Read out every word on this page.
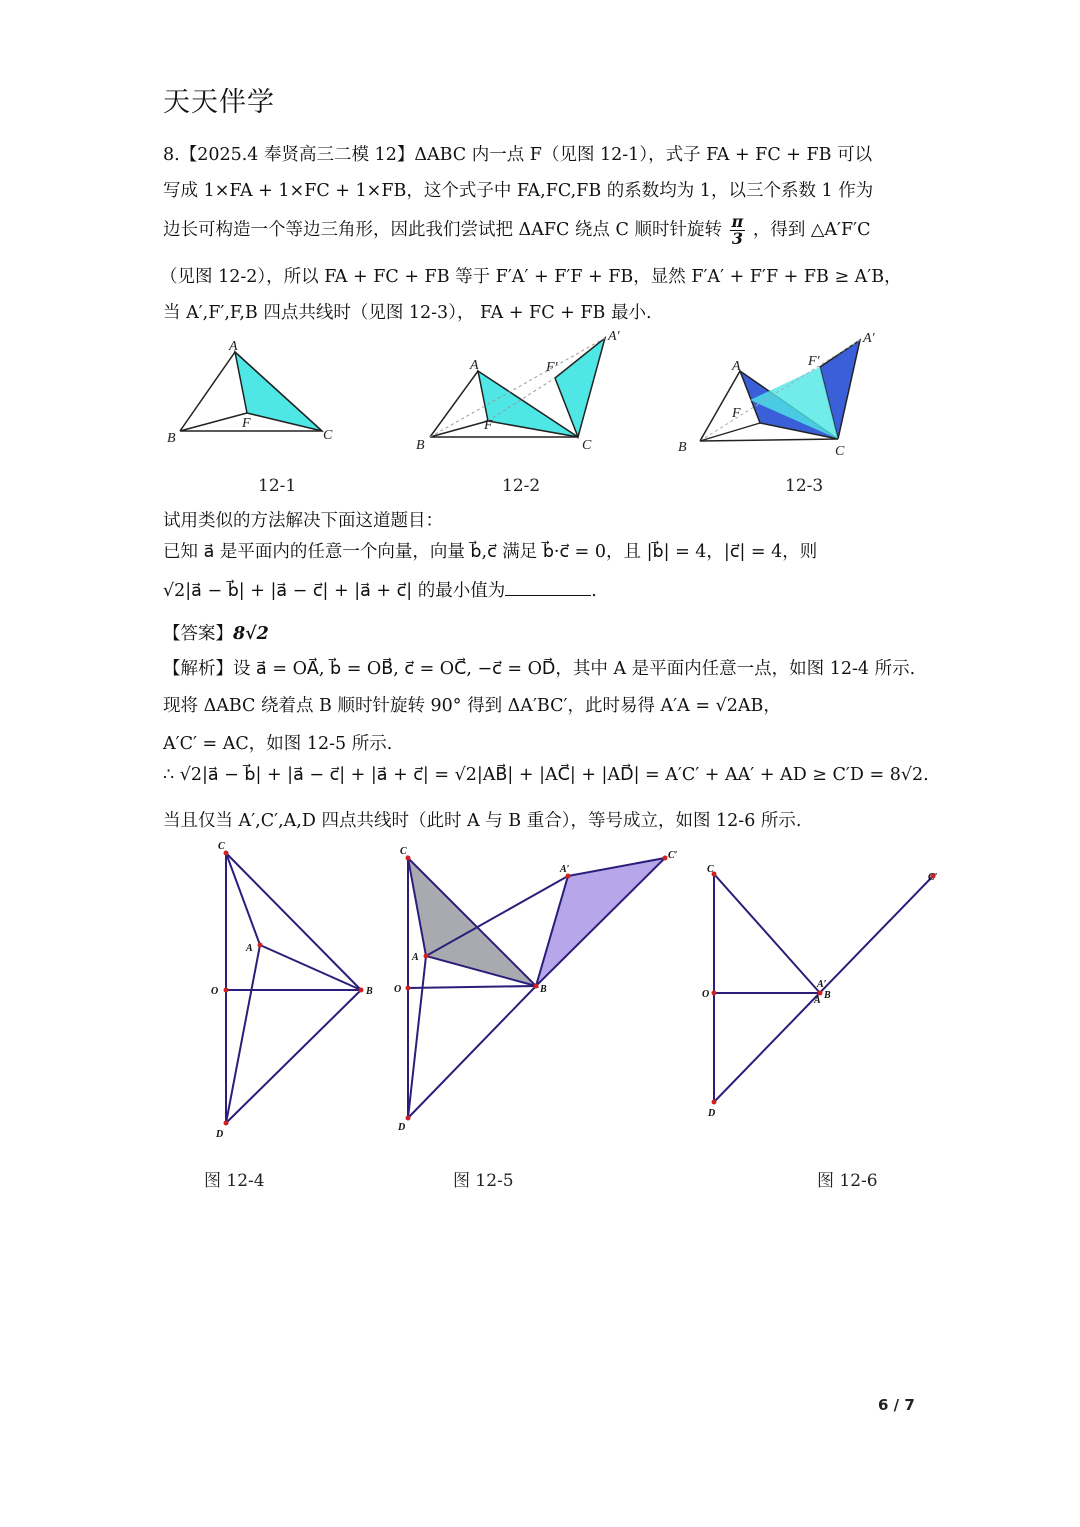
天天伴学
8.【2025.4 奉贤高三二模 12】ΔABC 内一点 F（见图 12-1），式子 FA + FC + FB 可以
写成 1×FA + 1×FC + 1×FB，这个式子中 FA,FC,FB 的系数均为 1，以三个系数 1 作为
边长可构造一个等边三角形，因此我们尝试把 ΔAFC 绕点 C 顺时针旋转 $\frac{\pi}{3}$ ，得到 △A′F′C
（见图 12-2），所以 FA + FC + FB 等于 F′A′ + F′F + FB，显然 F′A′ + F′F + FB ≥ A′B，
当 A′,F′,F,B 四点共线时（见图 12-3）， FA + FC + FB 最小.
A
F
B	C
A
F
F′
A′
B	C
A
F
F′
A′
B	C
12-1	12-2	12-3
试用类似的方法解决下面这道题目：
已知 a⃗ 是平面内的任意一个向量，向量 b⃗,c⃗ 满足 b⃗·c⃗ = 0，且 |b⃗| = 4，|c⃗| = 4，则
√2|a⃗ − b⃗| + |a⃗ − c⃗| + |a⃗ + c⃗| 的最小值为	.
【答案】8√2
【解析】设 a⃗ = OA⃗, b⃗ = OB⃗, c⃗ = OC⃗, −c⃗ = OD⃗，其中 A 是平面内任意一点，如图 12-4 所示.
现将 ΔABC 绕着点 B 顺时针旋转 90° 得到 ΔA′BC′，此时易得 A′A = √2AB，
A′C′ = AC，如图 12-5 所示.
∴ √2|a⃗ − b⃗| + |a⃗ − c⃗| + |a⃗ + c⃗| = √2|AB⃗| + |AC⃗| + |AD⃗| = A′C′ + AA′ + AD ≥ C′D = 8√2.
当且仅当 A′,C′,A,D 四点共线时（此时 A 与 B 重合），等号成立，如图 12-6 所示.
C
A
O	B
D
C
A′
C′
A
O	B
D
C
C′
O
A′
A B
D
图 12-4	图 12-5	图 12-6
6 / 7
